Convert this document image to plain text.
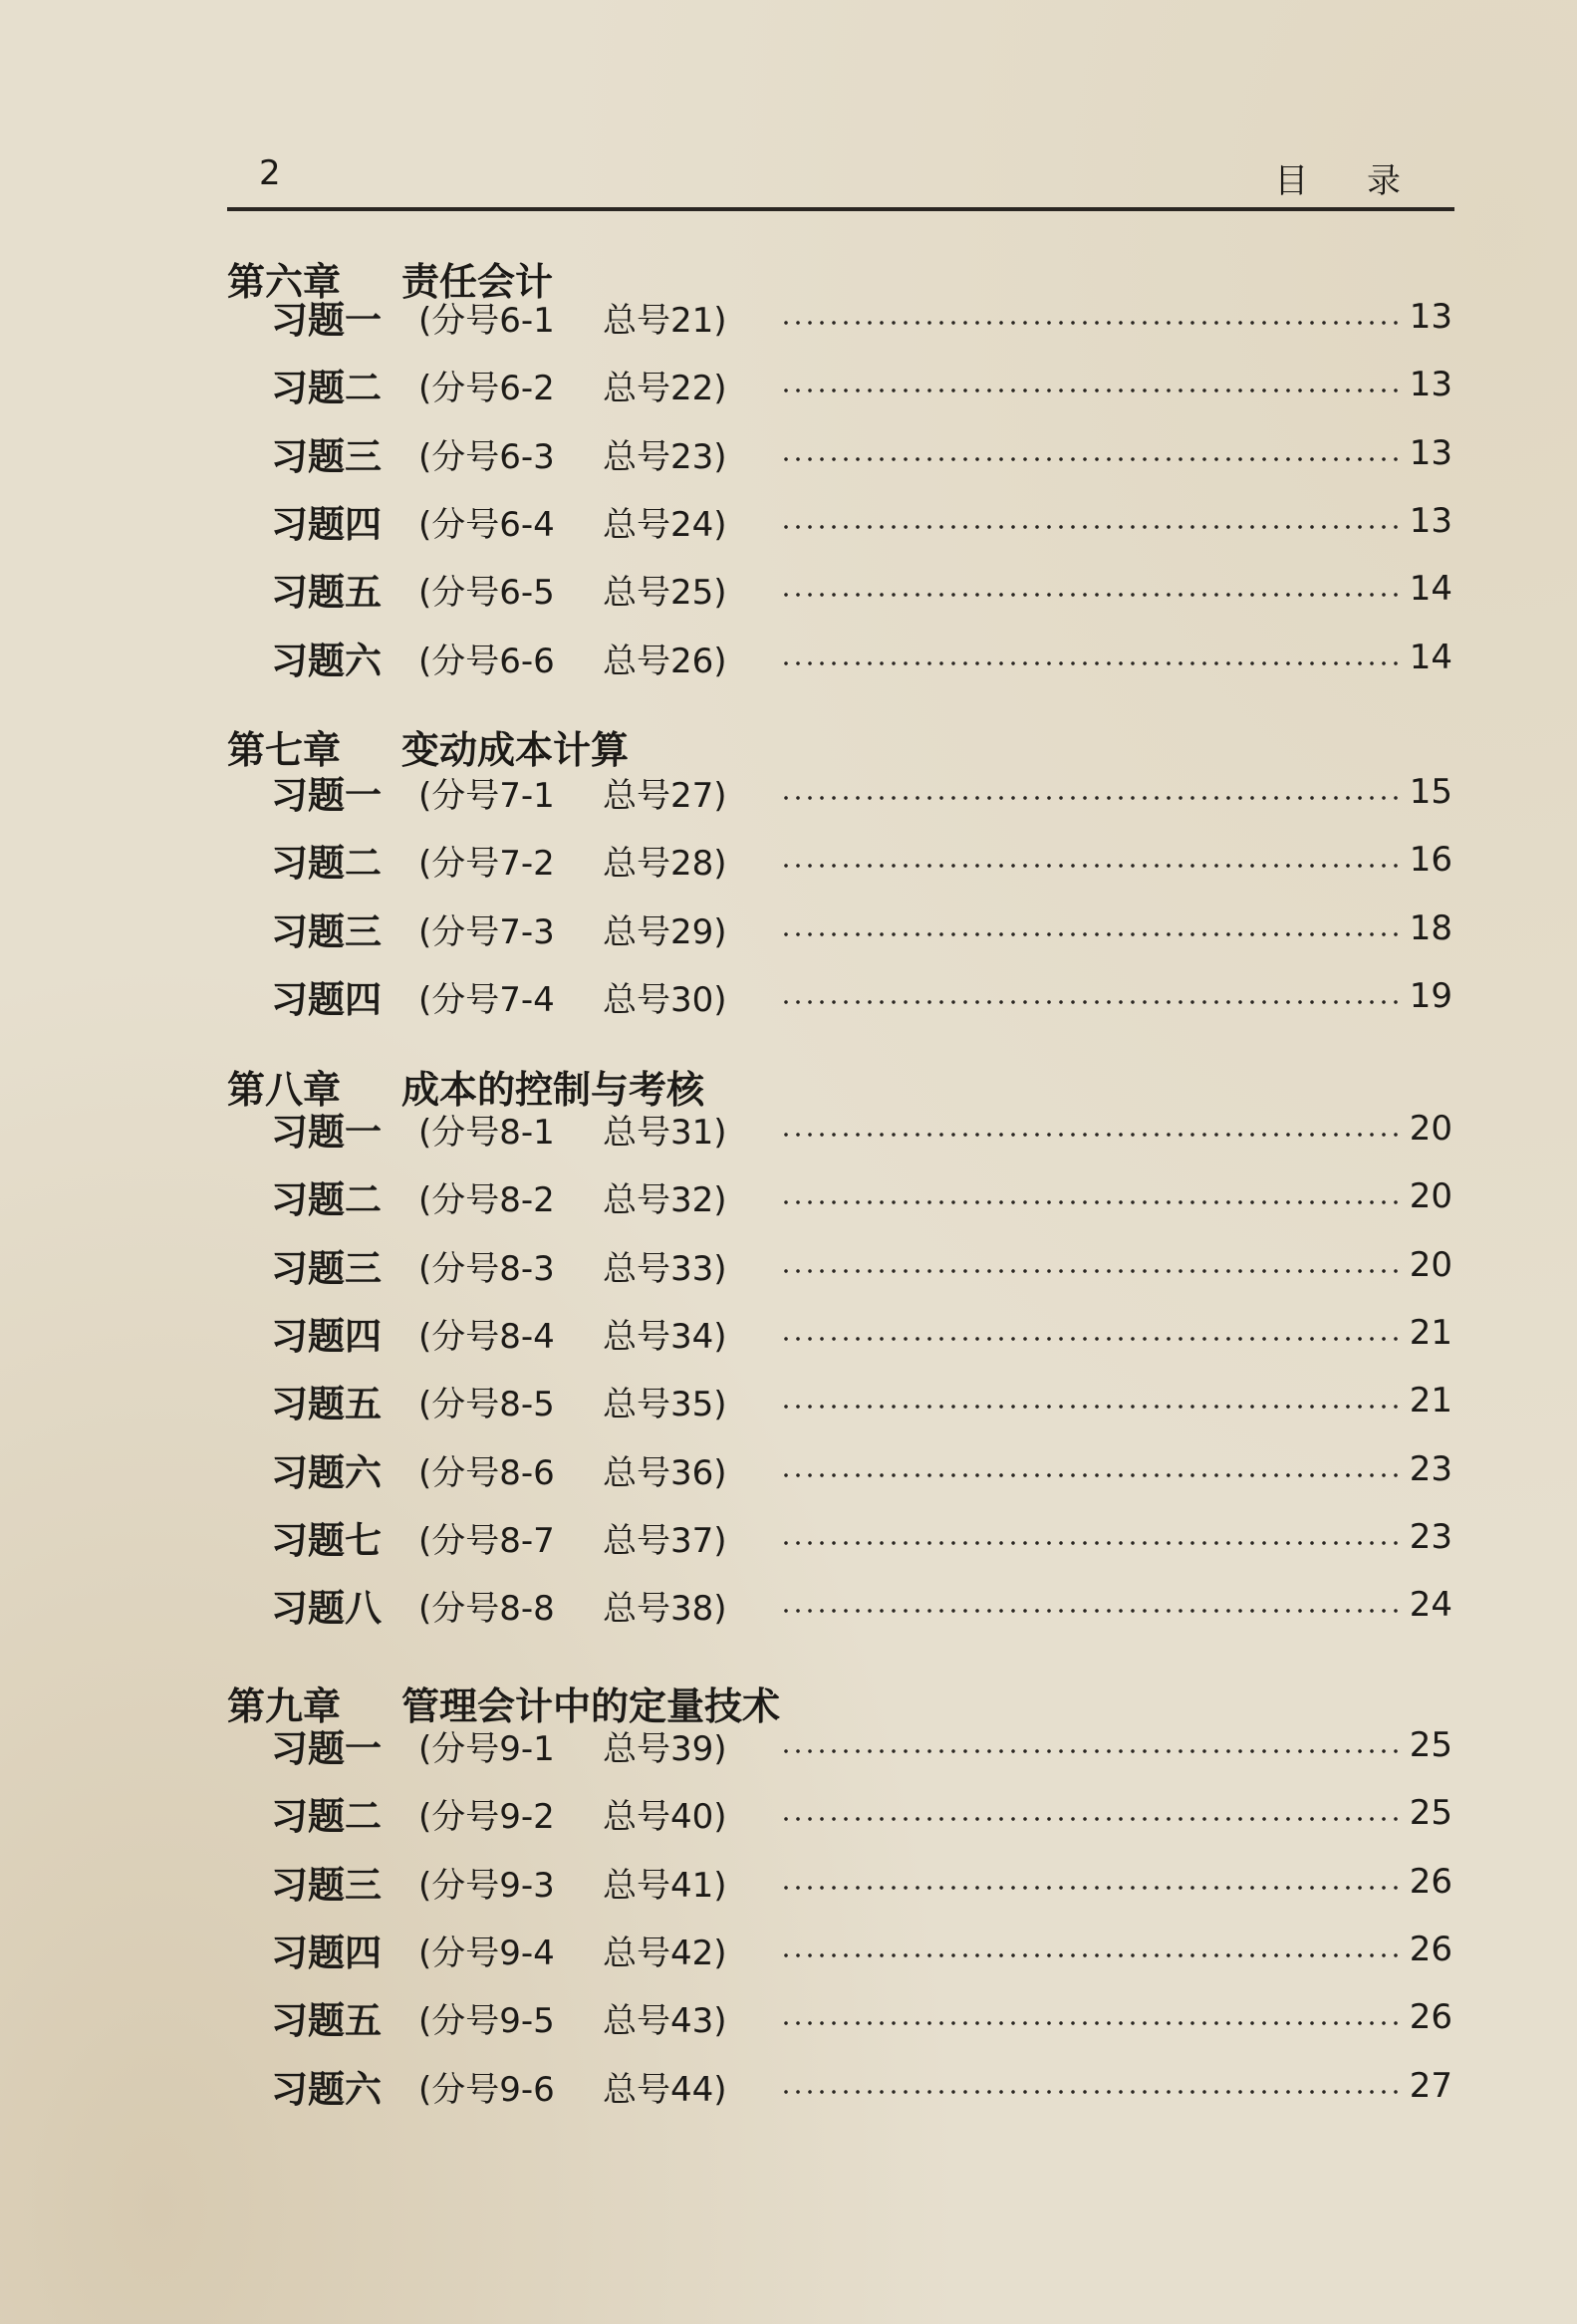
2	目 录
第六章 责任会计
习题一	(分号6-1	总号21)	13
习题二	(分号6-2	总号22)	13
习题三	(分号6-3	总号23)	13
习题四	(分号6-4	总号24)	13
习题五	(分号6-5	总号25)	14
习题六	(分号6-6	总号26)	14
第七章 变动成本计算
习题一	(分号7-1	总号27)	15
习题二	(分号7-2	总号28)	16
习题三	(分号7-3	总号29)	18
习题四	(分号7-4	总号30)	19
第八章 成本的控制与考核
习题一	(分号8-1	总号31)	20
习题二	(分号8-2	总号32)	20
习题三	(分号8-3	总号33)	20
习题四	(分号8-4	总号34)	21
习题五	(分号8-5	总号35)	21
习题六	(分号8-6	总号36)	23
习题七	(分号8-7	总号37)	23
习题八	(分号8-8	总号38)	24
第九章 管理会计中的定量技术
习题一	(分号9-1	总号39)	25
习题二	(分号9-2	总号40)	25
习题三	(分号9-3	总号41)	26
习题四	(分号9-4	总号42)	26
习题五	(分号9-5	总号43)	26
习题六	(分号9-6	总号44)	27
